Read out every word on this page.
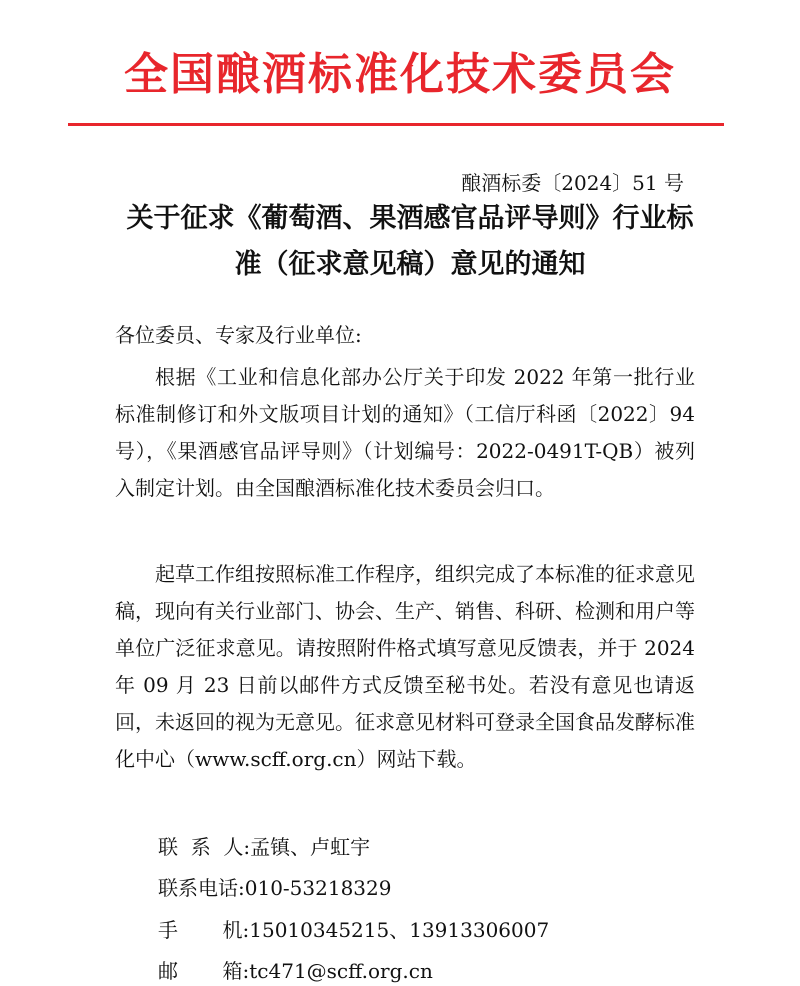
全国酿酒标准化技术委员会
酿酒标委〔2024〕51 号
关于征求《葡萄酒、果酒感官品评导则》行业标准（征求意见稿）意见的通知
各位委员、专家及行业单位:
根据《工业和信息化部办公厅关于印发 2022 年第一批行业标准制修订和外文版项目计划的通知》（工信厅科函〔2022〕94 号），《果酒感官品评导则》（计划编号：2022-0491T-QB）被列入制定计划。由全国酿酒标准化技术委员会归口。
起草工作组按照标准工作程序，组织完成了本标准的征求意见稿，现向有关行业部门、协会、生产、销售、科研、检测和用户等单位广泛征求意见。请按照附件格式填写意见反馈表，并于 2024 年 09 月 23 日前以邮件方式反馈至秘书处。若没有意见也请返回，未返回的视为无意见。征求意见材料可登录全国食品发酵标准化中心（www.scff.org.cn）网站下载。
联  系  人:孟镇、卢虹宇
联系电话:010-53218329
手       机:15010345215、13913306007
邮       箱:tc471@scff.org.cn
